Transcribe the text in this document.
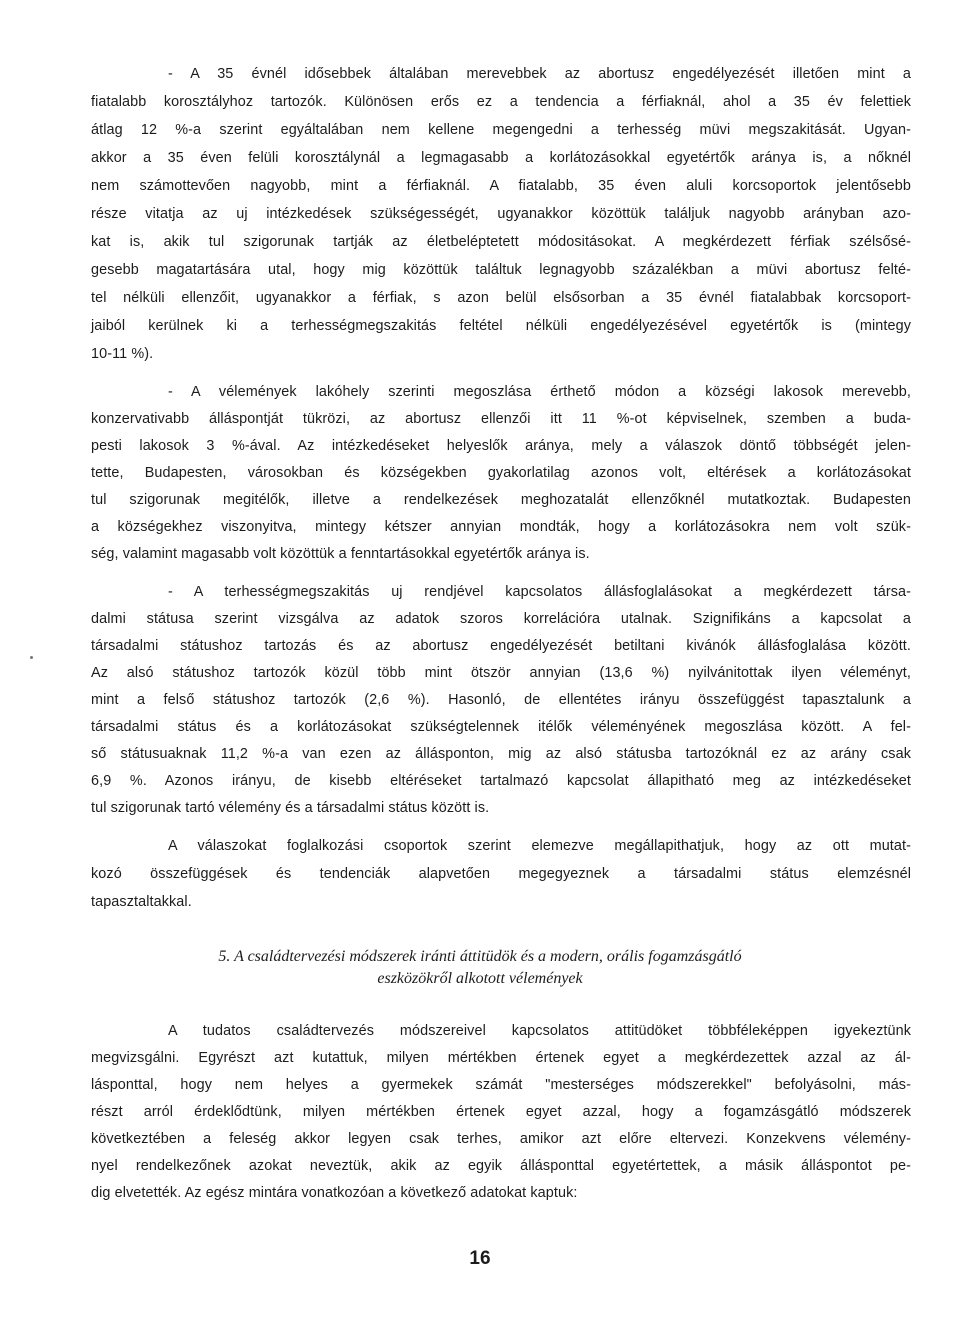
- A 35 évnél idősebbek általában merevebbek az abortusz engedélyezését illetően mint a
fiatalabb korosztályhoz tartozók. Különösen erős ez a tendencia a férfiaknál, ahol a 35 év felettiek
átlag 12 %-a szerint egyáltalában nem kellene megengedni a terhesség müvi megszakitását. Ugyan-
akkor a 35 éven felüli korosztálynál a legmagasabb a korlátozásokkal egyetértők aránya is, a nőknél
nem számottevően nagyobb, mint a férfiaknál. A fiatalabb, 35 éven aluli korcsoportok jelentősebb
része vitatja az uj intézkedések szükségességét, ugyanakkor közöttük találjuk nagyobb arányban azo-
kat is, akik tul szigorunak tartják az életbeléptetett módositásokat. A megkérdezett férfiak szélsősé-
gesebb magatartására utal, hogy mig közöttük találtuk legnagyobb százalékban a müvi abortusz felté-
tel nélküli ellenzőit, ugyanakkor a férfiak, s azon belül elsősorban a 35 évnél fiatalabbak korcsoport-
jaiból kerülnek ki a terhességmegszakitás feltétel nélküli engedélyezésével egyetértők is (mintegy
10-11 %).
- A vélemények lakóhely szerinti megoszlása érthető módon a községi lakosok merevebb,
konzervativabb álláspontját tükrözi, az abortusz ellenzői itt 11 %-ot képviselnek, szemben a buda-
pesti lakosok 3 %-ával. Az intézkedéseket helyeslők aránya, mely a válaszok döntő többségét jelen-
tette, Budapesten, városokban és községekben gyakorlatilag azonos volt, eltérések a korlátozásokat
tul szigorunak megitélők, illetve a rendelkezések meghozatalát ellenzőknél mutatkoztak. Budapesten
a községekhez viszonyitva, mintegy kétszer annyian mondták, hogy a korlátozásokra nem volt szük-
ség, valamint magasabb volt közöttük a fenntartásokkal egyetértők aránya is.
- A terhességmegszakitás uj rendjével kapcsolatos állásfoglalásokat a megkérdezett társa-
dalmi státusa szerint vizsgálva az adatok szoros korrelációra utalnak. Szignifikáns a kapcsolat a
társadalmi státushoz tartozás és az abortusz engedélyezését betiltani kivánók állásfoglalása között.
Az alsó státushoz tartozók közül több mint ötször annyian (13,6 %) nyilvánitottak ilyen véleményt,
mint a felső státushoz tartozók (2,6 %). Hasonló, de ellentétes irányu összefüggést tapasztalunk a
társadalmi státus és a korlátozásokat szükségtelennek itélők véleményének megoszlása között. A fel-
ső státusuaknak 11,2 %-a van ezen az állásponton, mig az alsó státusba tartozóknál ez az arány csak
6,9 %. Azonos irányu, de kisebb eltéréseket tartalmazó kapcsolat állapitható meg az intézkedéseket
tul szigorunak tartó vélemény és a társadalmi státus között is.
A válaszokat foglalkozási csoportok szerint elemezve megállapithatjuk, hogy az ott mutat-
kozó összefüggések és tendenciák alapvetően megegyeznek a társadalmi státus elemzésnél
tapasztaltakkal.
5. A családtervezési módszerek iránti áttitüdök és a modern, orális fogamzásgátló
eszközökről alkotott vélemények
A tudatos családtervezés módszereivel kapcsolatos attitüdöket többféleképpen igyekeztünk
megvizsgálni. Egyrészt azt kutattuk, milyen mértékben értenek egyet a megkérdezettek azzal az ál-
lásponttal, hogy nem helyes a gyermekek számát "mesterséges módszerekkel" befolyásolni, más-
részt arról érdeklődtünk, milyen mértékben értenek egyet azzal, hogy a fogamzásgátló módszerek
következtében a feleség akkor legyen csak terhes, amikor azt előre eltervezi. Konzekvens vélemény-
nyel rendelkezőnek azokat neveztük, akik az egyik állásponttal egyetértettek, a másik álláspontot pe-
dig elvetették. Az egész mintára vonatkozóan a következő adatokat kaptuk:
16
